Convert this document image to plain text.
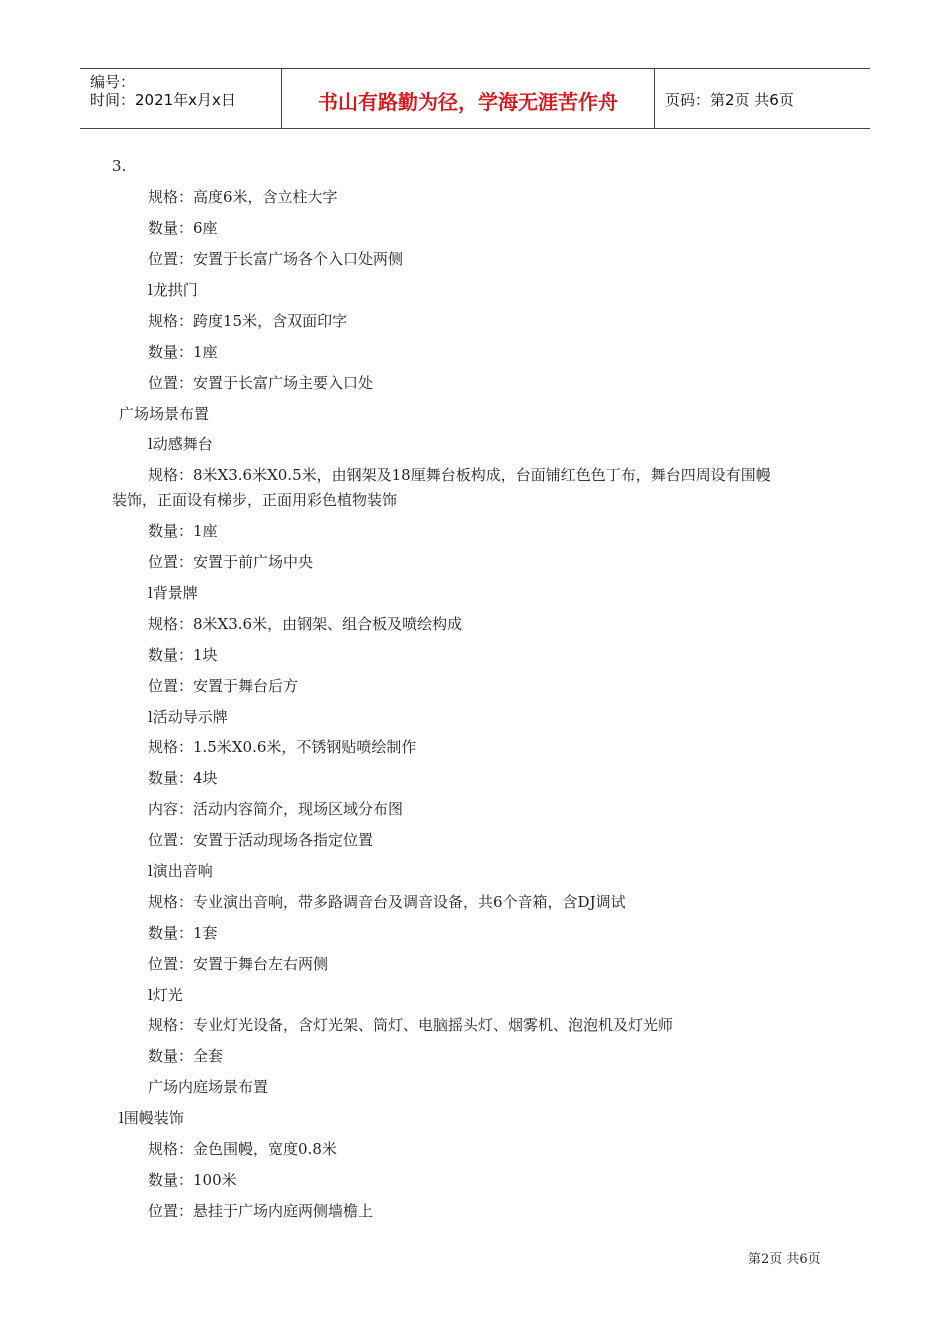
编号：
时间：2021年x月x日	书山有路勤为径，学海无涯苦作舟	页码：第2页 共6页
3.
规格：高度6米，含立柱大字
数量：6座
位置：安置于长富广场各个入口处两侧
l龙拱门
规格：跨度15米，含双面印字
数量：1座
位置：安置于长富广场主要入口处
广场场景布置
l动感舞台
规格：8米X3.6米X0.5米，由钢架及18厘舞台板构成，台面铺红色色丁布，舞台四周设有围幔
装饰，正面设有梯步，正面用彩色植物装饰
数量：1座
位置：安置于前广场中央
l背景牌
规格：8米X3.6米，由钢架、组合板及喷绘构成
数量：1块
位置：安置于舞台后方
l活动导示牌
规格：1.5米X0.6米，不锈钢贴喷绘制作
数量：4块
内容：活动内容简介，现场区域分布图
位置：安置于活动现场各指定位置
l演出音响
规格：专业演出音响，带多路调音台及调音设备，共6个音箱，含DJ调试
数量：1套
位置：安置于舞台左右两侧
l灯光
规格：专业灯光设备，含灯光架、筒灯、电脑摇头灯、烟雾机、泡泡机及灯光师
数量：全套
广场内庭场景布置
l围幔装饰
规格：金色围幔，宽度0.8米
数量：100米
位置：悬挂于广场内庭两侧墙檐上
第2页 共6页
